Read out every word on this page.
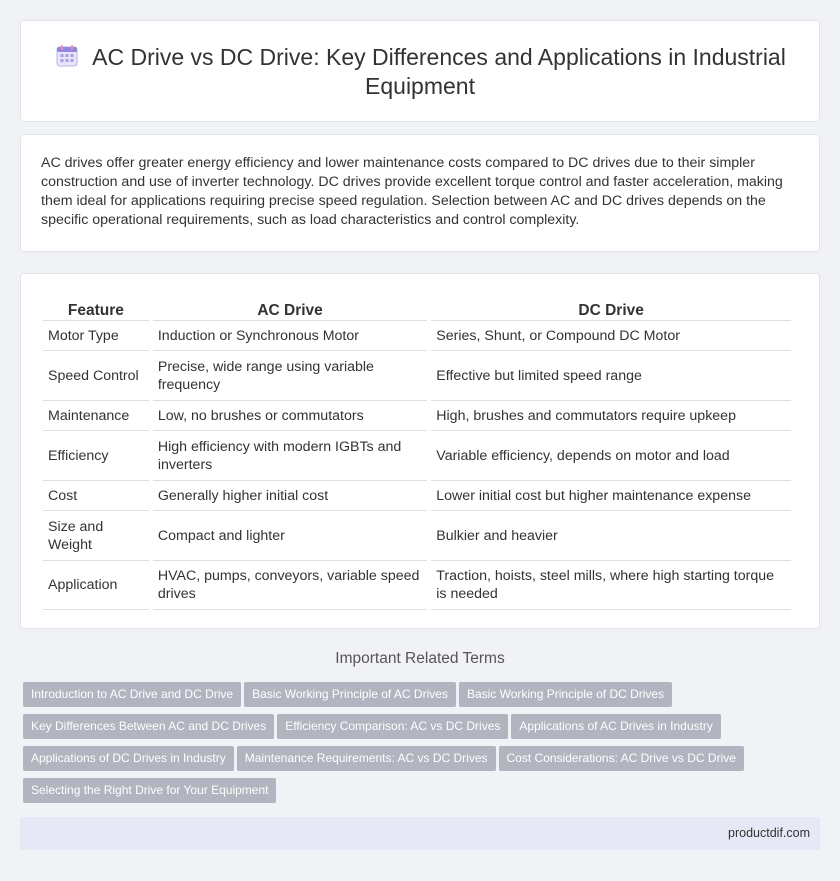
AC Drive vs DC Drive: Key Differences and Applications in Industrial Equipment

AC drives offer greater energy efficiency and lower maintenance costs compared to DC drives due to their simpler construction and use of inverter technology. DC drives provide excellent torque control and faster acceleration, making them ideal for applications requiring precise speed regulation. Selection between AC and DC drives depends on the specific operational requirements, such as load characteristics and control complexity.

Feature	AC Drive	DC Drive
Motor Type	Induction or Synchronous Motor	Series, Shunt, or Compound DC Motor
Speed Control	Precise, wide range using variable frequency	Effective but limited speed range
Maintenance	Low, no brushes or commutators	High, brushes and commutators require upkeep
Efficiency	High efficiency with modern IGBTs and inverters	Variable efficiency, depends on motor and load
Cost	Generally higher initial cost	Lower initial cost but higher maintenance expense
Size and Weight	Compact and lighter	Bulkier and heavier
Application	HVAC, pumps, conveyors, variable speed drives	Traction, hoists, steel mills, where high starting torque is needed
Important Related Terms
Introduction to AC Drive and DC Drive Basic Working Principle of AC Drives Basic Working Principle of DC Drives
Key Differences Between AC and DC Drives Efficiency Comparison: AC vs DC Drives Applications of AC Drives in Industry
Applications of DC Drives in Industry Maintenance Requirements: AC vs DC Drives Cost Considerations: AC Drive vs DC Drive
Selecting the Right Drive for Your Equipment
productdif.com
